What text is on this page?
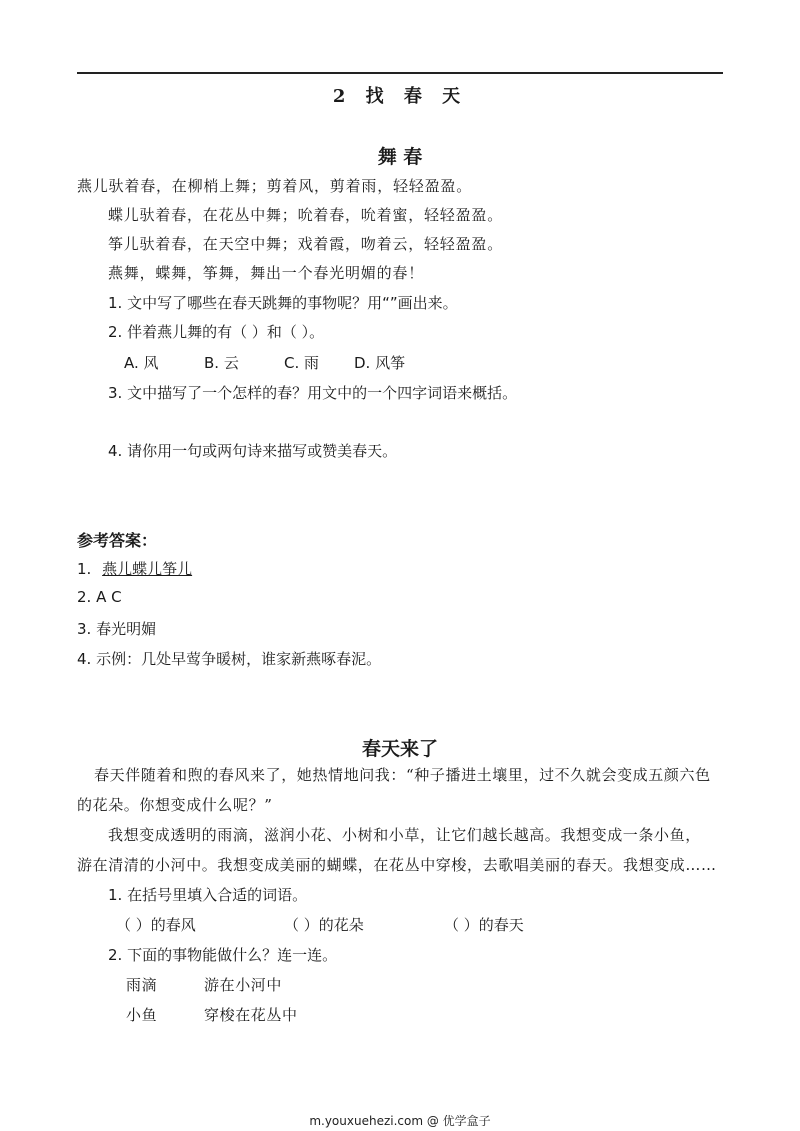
2 找 春 天
舞 春
燕儿驮着春，在柳梢上舞；剪着风，剪着雨，轻轻盈盈。
蝶儿驮着春，在花丛中舞；吮着春，吮着蜜，轻轻盈盈。
筝儿驮着春，在天空中舞；戏着霞，吻着云，轻轻盈盈。
燕舞，蝶舞，筝舞，舞出一个春光明媚的春！
1. 文中写了哪些在春天跳舞的事物呢？用“”画出来。
2. 伴着燕儿舞的有（ ）和（ ）。
A. 风	B. 云	C. 雨 D. 风筝
3. 文中描写了一个怎样的春？用文中的一个四字词语来概括。
4. 请你用一句或两句诗来描写或赞美春天。
参考答案：
1. 燕儿蝶儿筝儿
2. A C
3. 春光明媚
4. 示例：几处早莺争暖树，谁家新燕啄春泥。
春天来了
春天伴随着和煦的春风来了，她热情地问我：“种子播进土壤里，过不久就会变成五颜六色
的花朵。你想变成什么呢？”
我想变成透明的雨滴，滋润小花、小树和小草，让它们越长越高。我想变成一条小鱼，
游在清清的小河中。我想变成美丽的蝴蝶，在花丛中穿梭，去歌唱美丽的春天。我想变成……
1. 在括号里填入合适的词语。
（ ）的春风	（ ）的花朵	（ ）的春天
2. 下面的事物能做什么？连一连。
雨滴	游在小河中
小鱼	穿梭在花丛中
m.youxuehezi.com @ 优学盒子
